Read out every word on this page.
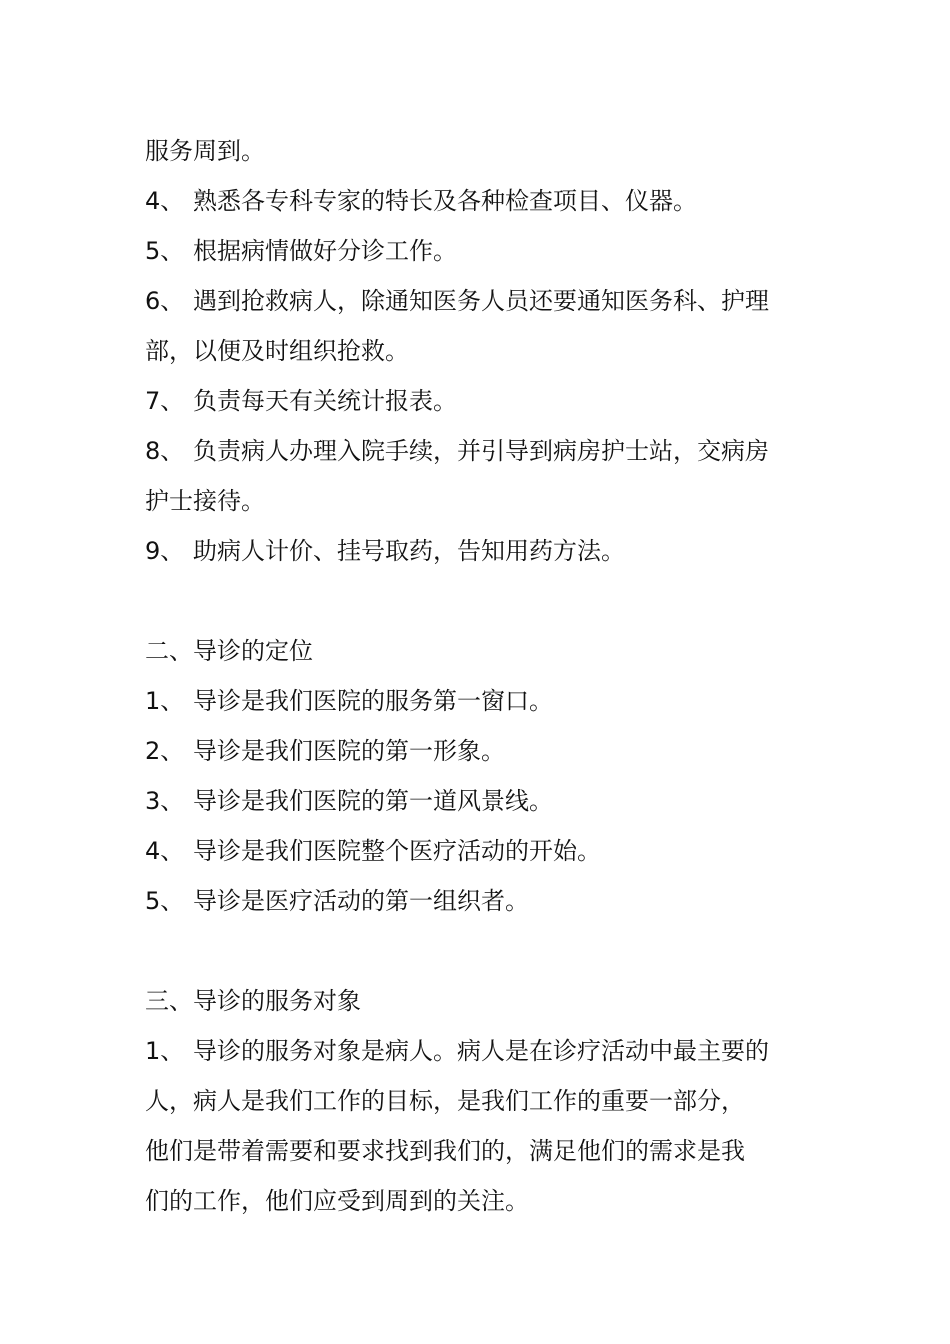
服务周到。
4、 熟悉各专科专家的特长及各种检查项目、仪器。
5、 根据病情做好分诊工作。
6、 遇到抢救病人，除通知医务人员还要通知医务科、护理
部，以便及时组织抢救。
7、 负责每天有关统计报表。
8、 负责病人办理入院手续，并引导到病房护士站，交病房
护士接待。
9、 助病人计价、挂号取药，告知用药方法。
二、导诊的定位
1、 导诊是我们医院的服务第一窗口。
2、 导诊是我们医院的第一形象。
3、 导诊是我们医院的第一道风景线。
4、 导诊是我们医院整个医疗活动的开始。
5、 导诊是医疗活动的第一组织者。
三、导诊的服务对象
1、 导诊的服务对象是病人。病人是在诊疗活动中最主要的
人，病人是我们工作的目标，是我们工作的重要一部分，
他们是带着需要和要求找到我们的，满足他们的需求是我
们的工作，他们应受到周到的关注。
